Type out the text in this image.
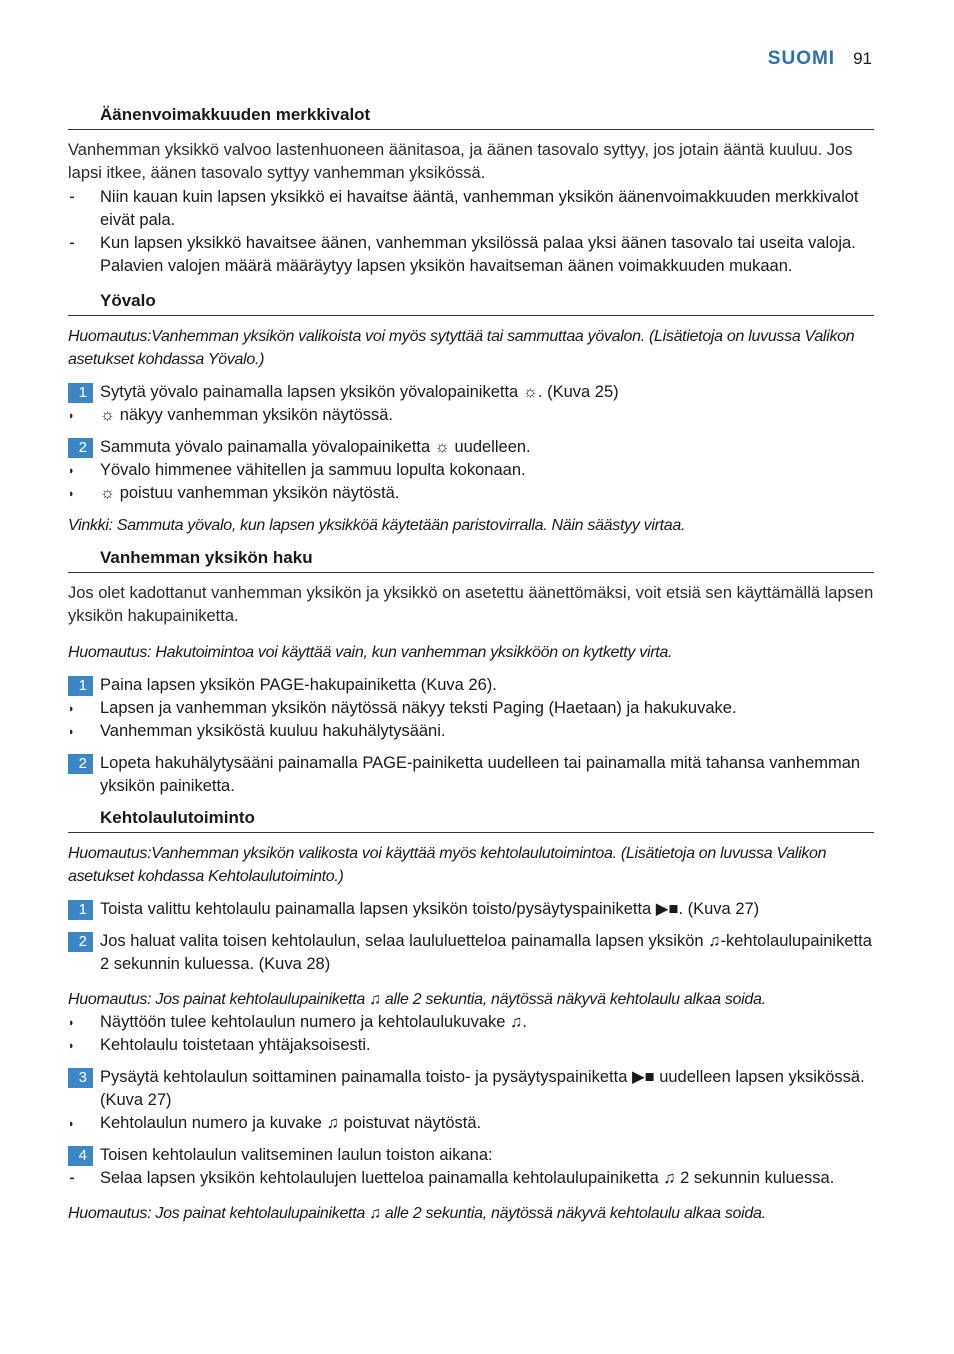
SUOMI 91
Äänenvoimakkuuden merkkivalot

Vanhemman yksikkö valvoo lastenhuoneen äänitasoa, ja äänen tasovalo syttyy, jos jotain ääntä kuuluu. Jos lapsi itkee, äänen tasovalo syttyy vanhemman yksikössä.

- Niin kauan kuin lapsen yksikkö ei havaitse ääntä, vanhemman yksikön äänenvoimakkuuden merkkivalot eivät pala.
- Kun lapsen yksikkö havaitsee äänen, vanhemman yksilössä palaa yksi äänen tasovalo tai useita valoja. Palavien valojen määrä määräytyy lapsen yksikön havaitseman äänen voimakkuuden mukaan.
Yövalo

Huomautus:Vanhemman yksikön valikoista voi myös sytyttää tai sammuttaa yövalon. (Lisätietoja on luvussa Valikon asetukset kohdassa Yövalo.)

1 Sytytä yövalo painamalla lapsen yksikön yövalopainiketta ☼. (Kuva 25)
◗	☼ näkyy vanhemman yksikön näytössä.
2 Sammuta yövalo painamalla yövalopainiketta ☼ uudelleen.
◗	Yövalo himmenee vähitellen ja sammuu lopulta kokonaan.
◗	☼ poistuu vanhemman yksikön näytöstä.

Vinkki: Sammuta yövalo, kun lapsen yksikköä käytetään paristovirralla. Näin säästyy virtaa.

Vanhemman yksikön haku

Jos olet kadottanut vanhemman yksikön ja yksikkö on asetettu äänettömäksi, voit etsiä sen käyttämällä lapsen yksikön hakupainiketta.

Huomautus: Hakutoimintoa voi käyttää vain, kun vanhemman yksikköön on kytketty virta.

1 Paina lapsen yksikön PAGE-hakupainiketta (Kuva 26).
◗	Lapsen ja vanhemman yksikön näytössä näkyy teksti Paging (Haetaan) ja hakukuvake.
◗	Vanhemman yksiköstä kuuluu hakuhälytysääni.
2 Lopeta hakuhälytysääni painamalla PAGE-painiketta uudelleen tai painamalla mitä tahansa vanhemman yksikön painiketta.
Kehtolaulutoiminto

Huomautus:Vanhemman yksikön valikosta voi käyttää myös kehtolaulutoimintoa. (Lisätietoja on luvussa Valikon asetukset kohdassa Kehtolaulutoiminto.)

1 Toista valittu kehtolaulu painamalla lapsen yksikön toisto/pysäytyspainiketta ▶■. (Kuva 27)
2 Jos haluat valita toisen kehtolaulun, selaa laululuetteloa painamalla lapsen yksikön ♫-kehtolaulupainiketta 2 sekunnin kuluessa. (Kuva 28)

Huomautus: Jos painat kehtolaulupainiketta ♫ alle 2 sekuntia, näytössä näkyvä kehtolaulu alkaa soida.

◗	Näyttöön tulee kehtolaulun numero ja kehtolaulukuvake ♫.
◗	Kehtolaulu toistetaan yhtäjaksoisesti.
3 Pysäytä kehtolaulun soittaminen painamalla toisto- ja pysäytyspainiketta ▶■ uudelleen lapsen yksikössä. (Kuva 27)
◗	Kehtolaulun numero ja kuvake ♫ poistuvat näytöstä.
4 Toisen kehtolaulun valitseminen laulun toiston aikana:
- Selaa lapsen yksikön kehtolaulujen luetteloa painamalla kehtolaulupainiketta ♫ 2 sekunnin kuluessa.

Huomautus: Jos painat kehtolaulupainiketta ♫ alle 2 sekuntia, näytössä näkyvä kehtolaulu alkaa soida.
